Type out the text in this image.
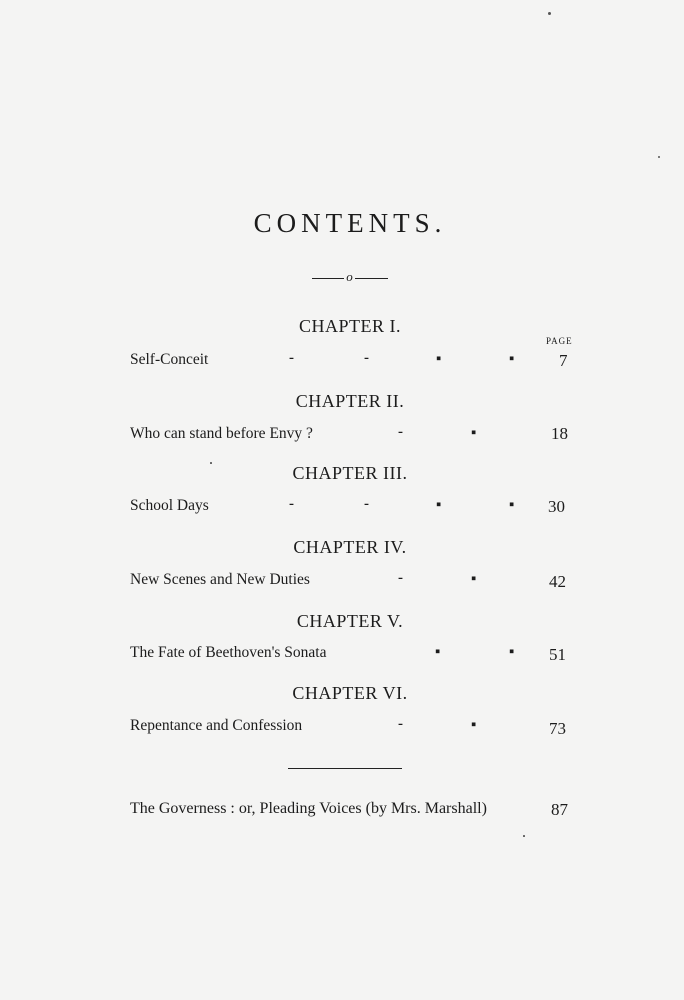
CONTENTS.
o
PAGE
CHAPTER I.
Self-Conceit	-	-	▪	▪	7
CHAPTER II.
Who can stand before Envy ?	-	▪	18
CHAPTER III.
School Days	-	-	▪	▪ 30
CHAPTER IV.
New Scenes and New Duties	-	▪	42
CHAPTER V.
The Fate of Beethoven's Sonata	▪	▪ 51
CHAPTER VI.
Repentance and Confession	-	▪	73
The Governess : or, Pleading Voices (by Mrs. Marshall)	87
